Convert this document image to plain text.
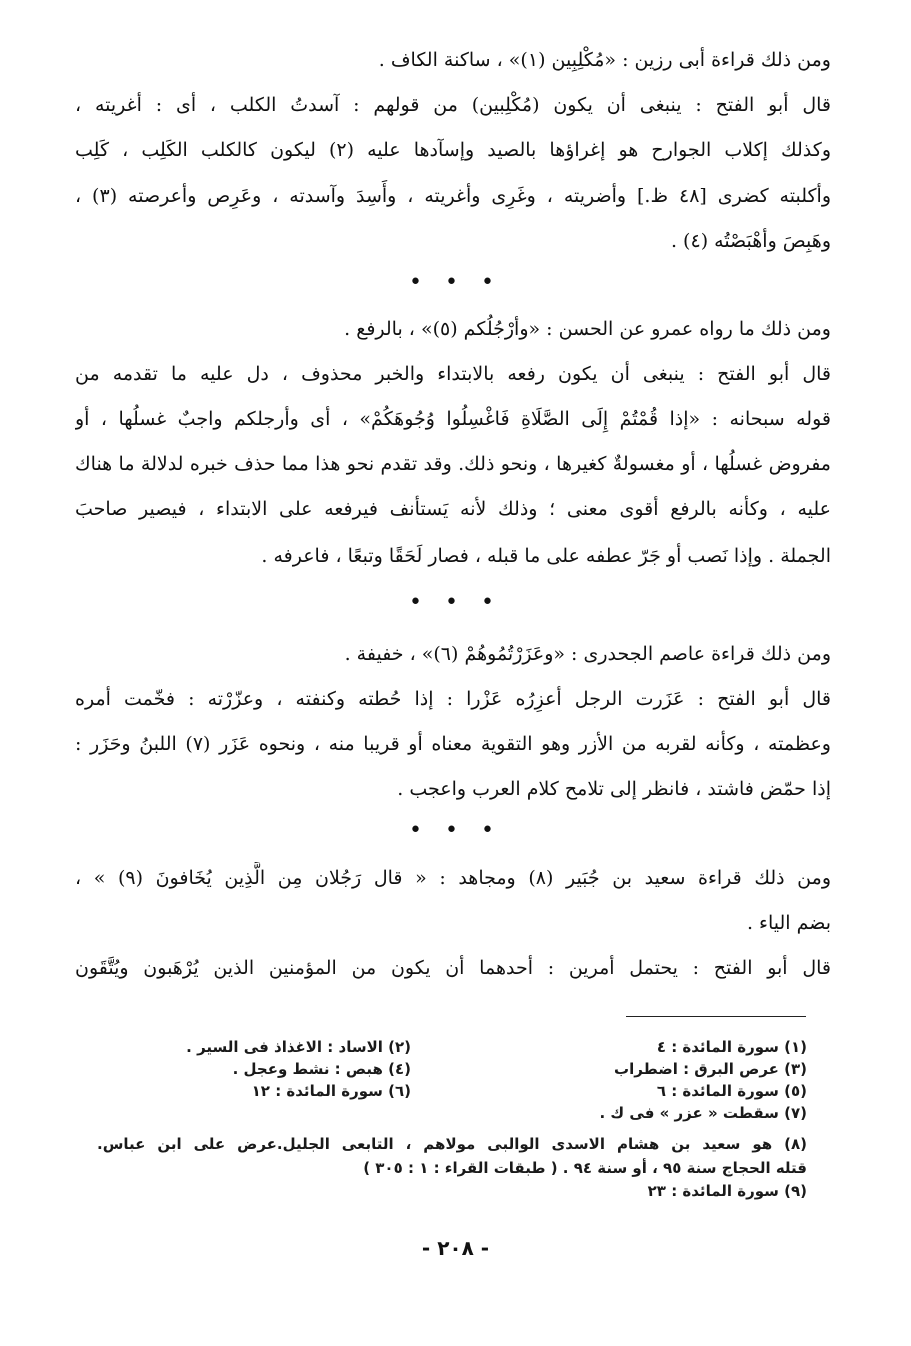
ومن ذلك قراءة أبى رزين : «مُكْلِبِين (١)» ، ساكنة الكاف .
قال أبو الفتح : ينبغى أن يكون (مُكْلِبين) من قولهم : آسدتُ الكلب ، أى : أغريته ،
وكذلك إكلاب الجوارح هو إغراؤها بالصيد وإسآدها عليه (٢) ليكون كالكلب الكَلِب ، كَلِب
وأكلبته كضرى [٤٨ ظ.] وأضريته ، وغَرِى وأغريته ، وأَسِدَ وآسدته ، وعَرِص وأعرصته (٣) ،
وهَبِصَ وأهْبَصْتُه (٤) .
• • •
ومن ذلك ما رواه عمرو عن الحسن : «وأرْجُلُكم (٥)» ، بالرفع .
قال أبو الفتح : ينبغى أن يكون رفعه بالابتداء والخبر محذوف ، دل عليه ما تقدمه من
قوله سبحانه : «إذا قُمْتُمْ إِلَى الصَّلَاةِ فَاغْسِلُوا وُجُوهَكُمْ» ، أى وأرجلكم واجبٌ غسلُها ، أو
مفروض غسلُها ، أو مغسولةٌ كغيرها ، ونحو ذلك. وقد تقدم نحو هذا مما حذف خبره لدلالة ما هناك
عليه ، وكأنه بالرفع أقوى معنى ؛ وذلك لأنه يَستأنف فيرفعه على الابتداء ، فيصير صاحبَ
الجملة . وإذا نَصب أو جَرّ عطفه على ما قبله ، فصار لَحَقًا وتبعًا ، فاعرفه .
• • •
ومن ذلك قراءة عاصم الجحدرى : «وعَزَرْتُمُوهُمْ (٦)» ، خفيفة .
قال أبو الفتح : عَزَرت الرجل أعزِرُه عَزْرا : إذا حُطته وكنفته ، وعزّرْته : فخّمت أمره
وعظمته ، وكأنه لقربه من الأزر وهو التقوية معناه أو قريبا منه ، ونحوه عَزَر (٧) اللبنُ وحَزَر :
إذا حمّض فاشتد ، فانظر إلى تلامح كلام العرب واعجب .
• • •
ومن ذلك قراءة سعيد بن جُبَير (٨) ومجاهد : « قال رَجُلان مِن الَّذِين يُخَافونَ (٩) » ،
بضم الياء .
قال أبو الفتح : يحتمل أمرين : أحدهما أن يكون من المؤمنين الذين يُرْهَبون ويُتَّقَون
(١) سورة المائدة : ٤
(٢) الاساد : الاغذاذ فى السير .
(٣) عرص البرق : اضطراب
(٤) هبص : نشط وعجل .
(٥) سورة المائدة : ٦
(٦) سورة المائدة : ١٢
(٧) سقطت « عزر » فى ك .
(٨) هو سعيد بن هشام الاسدى الوالبى مولاهم ، التابعى الجليل.عرض على ابن عباس.
قتله الحجاج سنة ٩٥ ، أو سنة ٩٤ . ( طبقات القراء : ١ : ٣٠٥ )
(٩) سورة المائدة : ٢٣
- ٢٠٨ -
